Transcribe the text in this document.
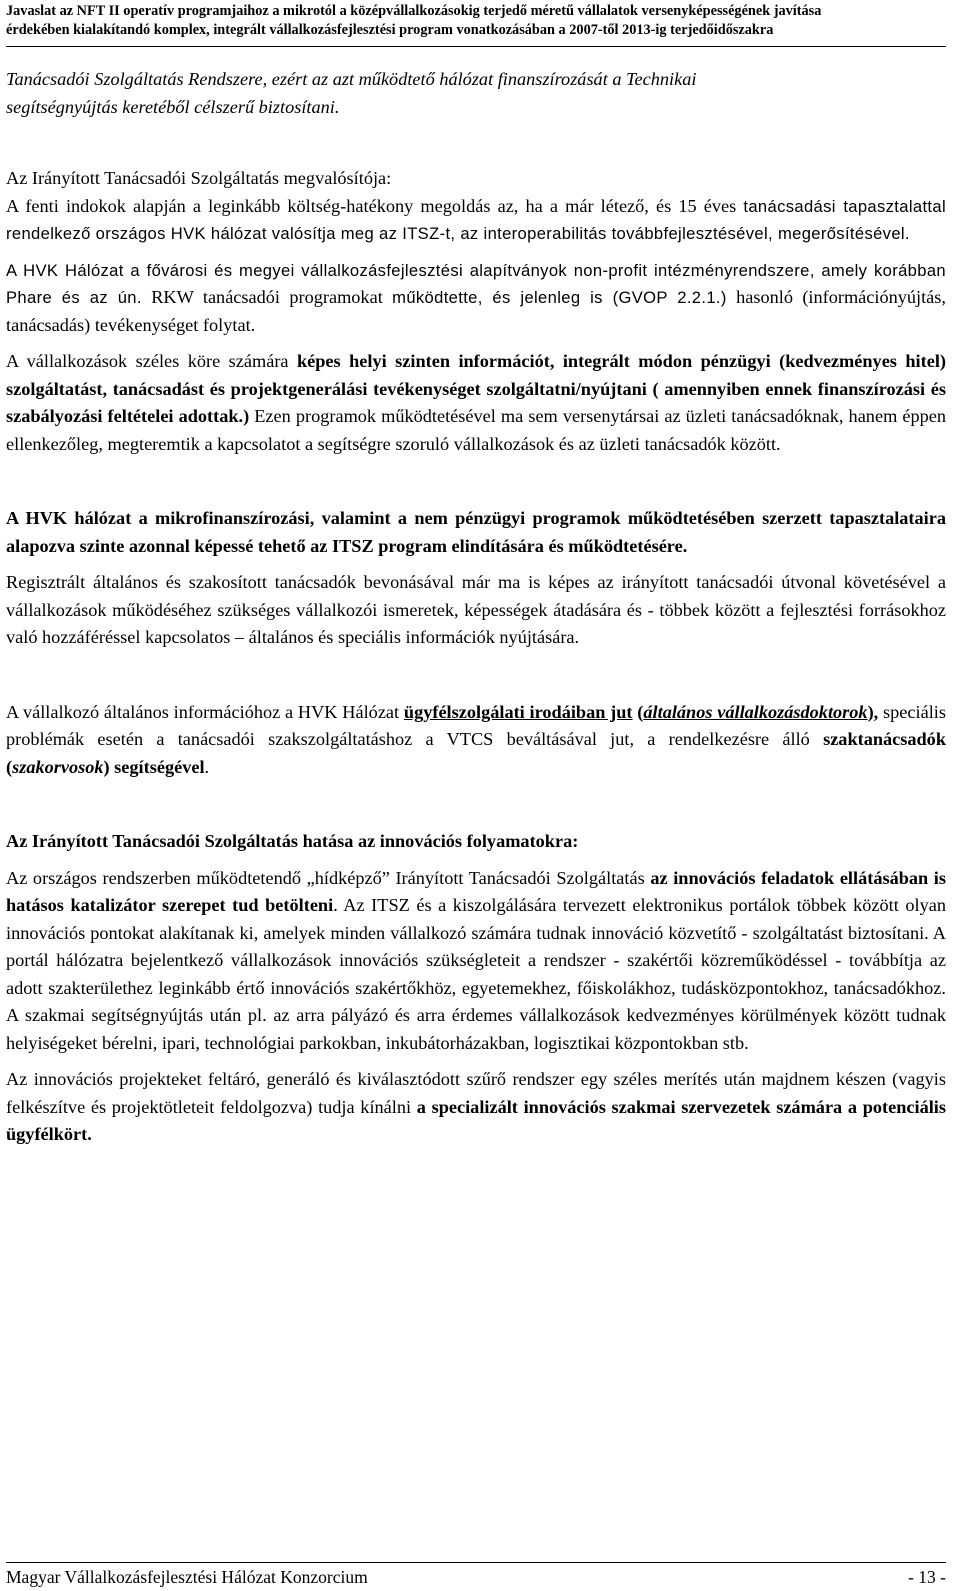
Javaslat az NFT II operatív programjaihoz a mikrotól a középvállalkozásokig terjedő méretű vállalatok versenyképességének javítása
érdekében kialakítandó komplex, integrált vállalkozásfejlesztési program vonatkozásában a 2007-től 2013-ig terjedőidőszakra

Tanácsadói Szolgáltatás Rendszere, ezért az azt működtető hálózat finanszírozását a Technikai
segítségnyújtás keretéből célszerű biztosítani.

Az Irányított Tanácsadói Szolgáltatás megvalósítója:

A fenti indokok alapján a leginkább költség-hatékony megoldás az, ha a már létező, és 15 éves tanácsadási tapasztalattal rendelkező országos HVK hálózat valósítja meg az ITSZ-t, az interoperabilitás továbbfejlesztésével, megerősítésével.

A HVK Hálózat a fővárosi és megyei vállalkozásfejlesztési alapítványok non-profit intézményrendszere, amely korábban Phare és az ún. RKW tanácsadói programokat működtette, és jelenleg is (GVOP 2.2.1.) hasonló (információnyújtás, tanácsadás) tevékenységet folytat.

A vállalkozások széles köre számára képes helyi szinten információt, integrált módon pénzügyi (kedvezményes hitel) szolgáltatást, tanácsadást és projektgenerálási tevékenységet szolgáltatni/nyújtani ( amennyiben ennek finanszírozási és szabályozási feltételei adottak.) Ezen programok működtetésével ma sem versenytársai az üzleti tanácsadóknak, hanem éppen ellenkezőleg, megteremtik a kapcsolatot a segítségre szoruló vállalkozások és az üzleti tanácsadók között.

A HVK hálózat a mikrofinanszírozási, valamint a nem pénzügyi programok működtetésében szerzett tapasztalataira alapozva szinte azonnal képessé tehető az ITSZ program elindítására és működtetésére.

Regisztrált általános és szakosított tanácsadók bevonásával már ma is képes az irányított tanácsadói útvonal követésével a vállalkozások működéséhez szükséges vállalkozói ismeretek, képességek átadására és - többek között a fejlesztési forrásokhoz való hozzáféréssel kapcsolatos – általános és speciális információk nyújtására.

A vállalkozó általános információhoz a HVK Hálózat ügyfélszolgálati irodáiban jut (általános vállalkozásdoktorok), speciális problémák esetén a tanácsadói szakszolgáltatáshoz a VTCS beváltásával jut, a rendelkezésre álló szaktanácsadók (szakorvosok) segítségével.

Az Irányított Tanácsadói Szolgáltatás hatása az innovációs folyamatokra:

Az országos rendszerben működtetendő „hídképző” Irányított Tanácsadói Szolgáltatás az innovációs feladatok ellátásában is hatásos katalizátor szerepet tud betölteni. Az ITSZ és a kiszolgálására tervezett elektronikus portálok többek között olyan innovációs pontokat alakítanak ki, amelyek minden vállalkozó számára tudnak innováció közvetítő - szolgáltatást biztosítani. A portál hálózatra bejelentkező vállalkozások innovációs szükségleteit a rendszer - szakértői közreműködéssel - továbbítja az adott szakterülethez leginkább értő innovációs szakértőkhöz, egyetemekhez, főiskolákhoz, tudásközpontokhoz, tanácsadókhoz. A szakmai segítségnyújtás után pl. az arra pályázó és arra érdemes vállalkozások kedvezményes körülmények között tudnak helyiségeket bérelni, ipari, technológiai parkokban, inkubátorházakban, logisztikai központokban stb.

Az innovációs projekteket feltáró, generáló és kiválasztódott szűrő rendszer egy széles merítés után majdnem készen (vagyis felkészítve és projektötleteit feldolgozva) tudja kínálni a specializált innovációs szakmai szervezetek számára a potenciális ügyfélkört.

Magyar Vállalkozásfejlesztési Hálózat Konzorcium	- 13 -
